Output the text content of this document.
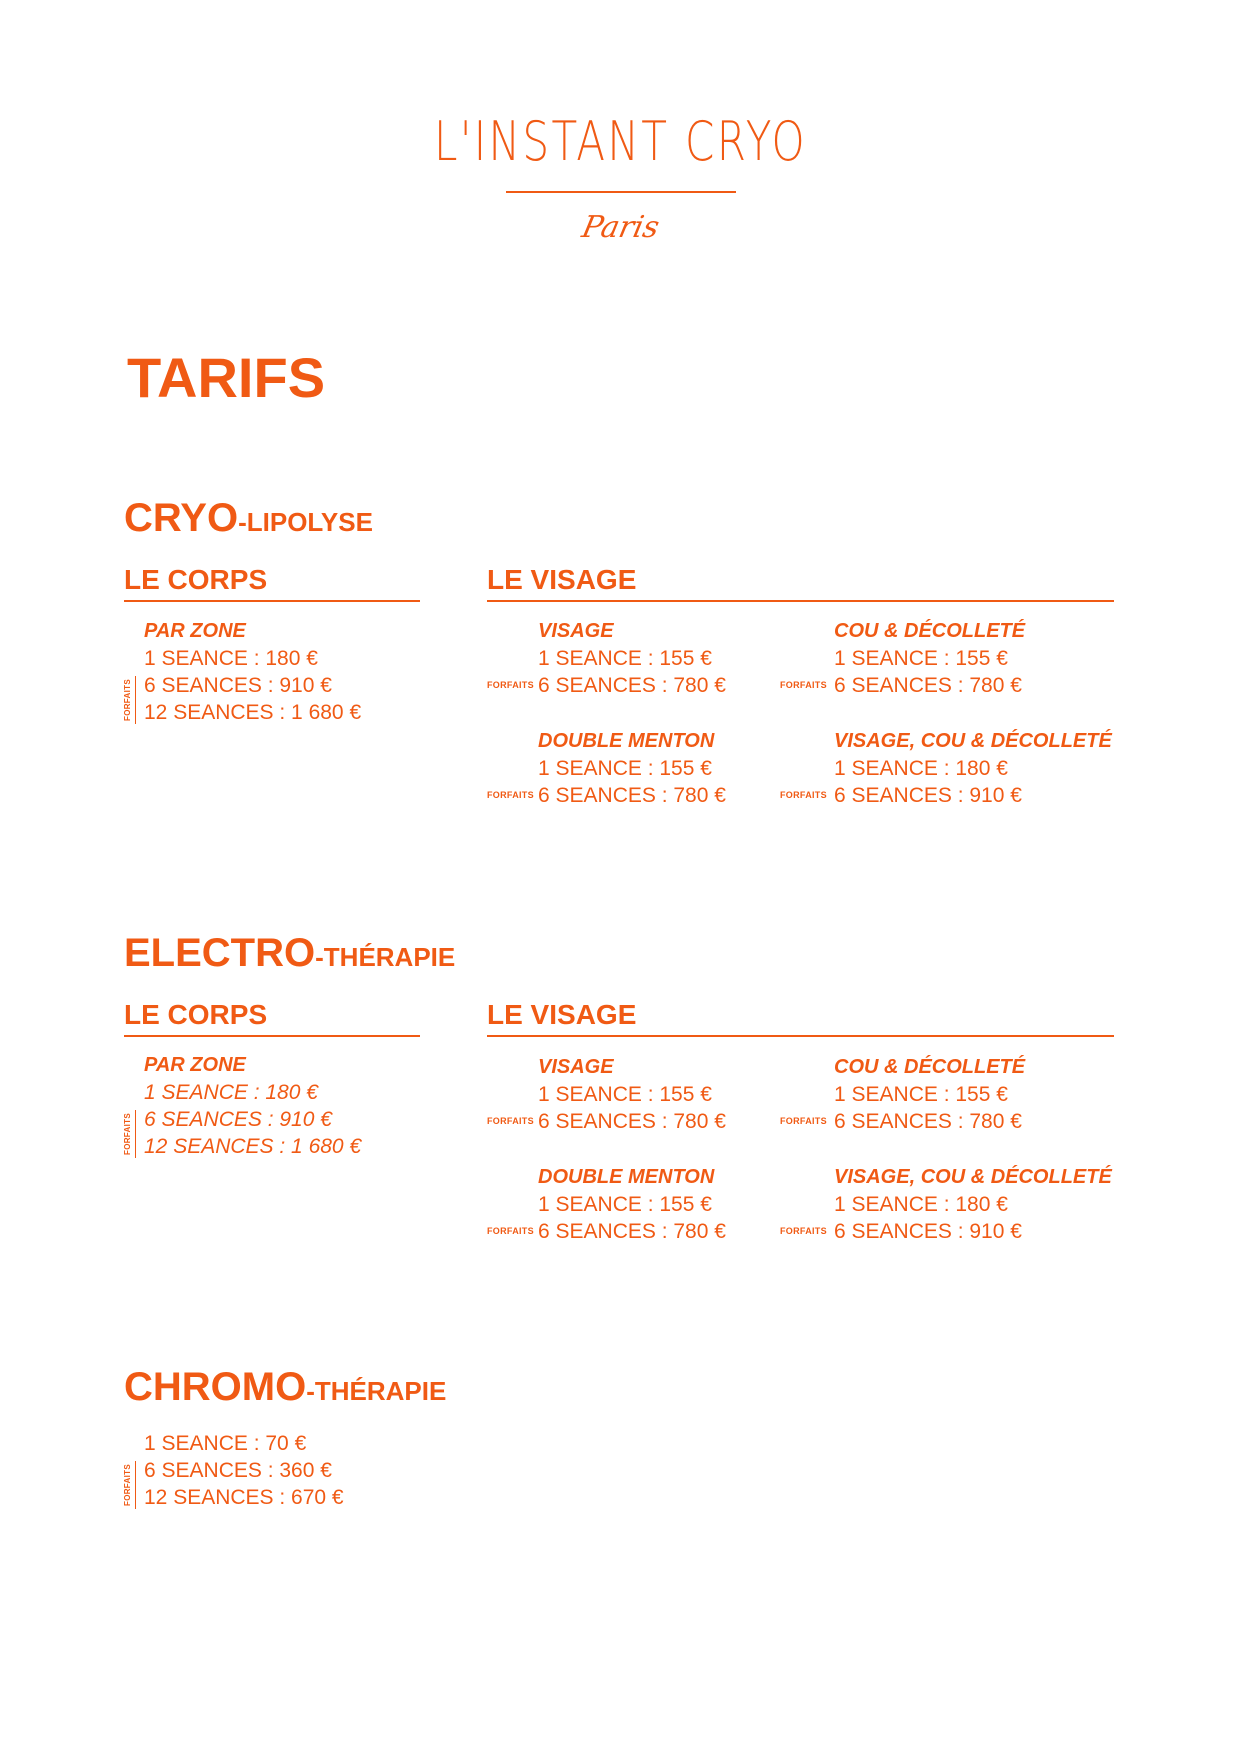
L'INSTANT CRYO
Paris
TARIFS
CRYO-LIPOLYSE
LE CORPS
PAR ZONE
1 SEANCE : 180 €
FORFAITS 6 SEANCES : 910 €
12 SEANCES : 1 680 €
LE VISAGE
VISAGE
1 SEANCE : 155 €
FORFAITS 6 SEANCES : 780 €
COU & DÉCOLLETÉ
1 SEANCE : 155 €
FORFAITS 6 SEANCES : 780 €
DOUBLE MENTON
1 SEANCE : 155 €
FORFAITS 6 SEANCES : 780 €
VISAGE, COU & DÉCOLLETÉ
1 SEANCE : 180 €
FORFAITS 6 SEANCES : 910 €
ELECTRO-THÉRAPIE
LE CORPS
PAR ZONE
1 SEANCE : 180 €
FORFAITS 6 SEANCES : 910 €
12 SEANCES : 1 680 €
LE VISAGE
VISAGE
1 SEANCE : 155 €
FORFAITS 6 SEANCES : 780 €
COU & DÉCOLLETÉ
1 SEANCE : 155 €
FORFAITS 6 SEANCES : 780 €
DOUBLE MENTON
1 SEANCE : 155 €
FORFAITS 6 SEANCES : 780 €
VISAGE, COU & DÉCOLLETÉ
1 SEANCE : 180 €
FORFAITS 6 SEANCES : 910 €
CHROMO-THÉRAPIE
1 SEANCE : 70 €
FORFAITS 6 SEANCES : 360 €
12 SEANCES : 670 €
